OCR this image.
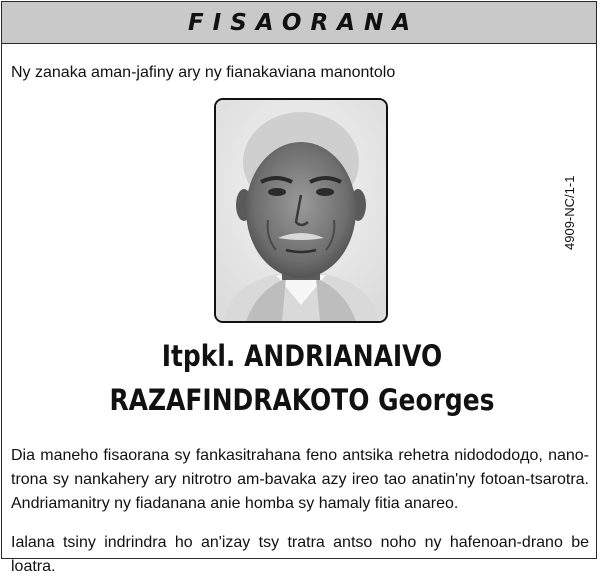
FISAORANA
Ny zanaka aman-jafiny ary ny fianakaviana manontolo
4909-NC/1-1
Itpkl. ANDRIANAIVO
RAZAFINDRAKOTO Georges
Dia maneho fisaorana sy fankasitrahana feno antsika rehetra nidododoдо, nano-trona sy nankahery ary nitrotro am-bavaka azy ireo tao anatin'ny fotoan-tsarotra. Andriamanitry ny fiadanana anie homba sy hamaly fitia anareo.
Ialana tsiny indrindra ho an'izay tsy tratra antso noho ny hafenoan-drano be loatra.
